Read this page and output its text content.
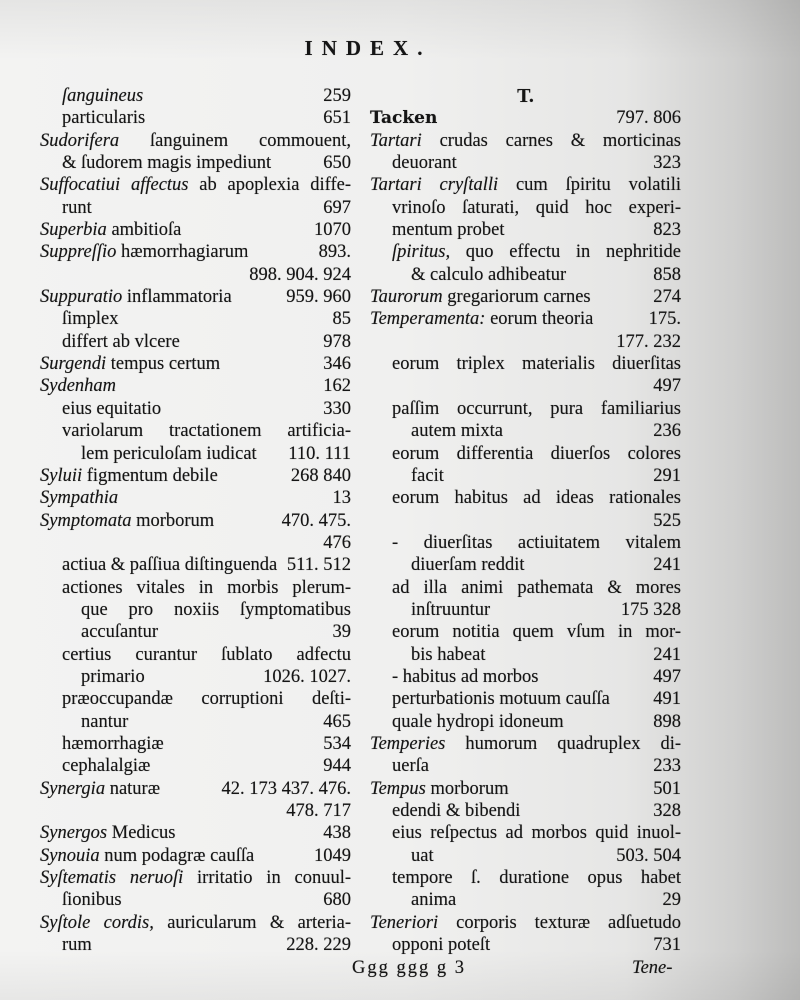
INDEX.
ſanguineus	259
particularis	651
Sudorifera ſanguinem commouent,
& ſudorem magis impediunt	650
Suffocatiui affectus ab apoplexia diffe-
runt	697
Superbia ambitioſa	1070
Suppreſſio hæmorrhagiarum	893.
898. 904. 924
Suppuratio inflammatoria	959. 960
ſimplex	85
differt ab vlcere	978
Surgendi tempus certum	346
Sydenham	162
eius equitatio	330
variolarum tractationem artificia-
lem periculoſam iudicat	110. 111
Syluii figmentum debile	268 840
Sympathia	13
Symptomata morborum	470. 475.
476
actiua & paſſiua diſtinguenda 511. 512
actiones vitales in morbis plerum-
que pro noxiis ſymptomatibus
accuſantur	39
certius curantur ſublato adfectu
primario	1026. 1027.
præoccupandæ corruptioni deſti-
nantur	465
hæmorrhagiæ	534
cephalalgiæ	944
Synergia naturæ	42. 173 437. 476.
478. 717
Synergos Medicus	438
Synouia num podagræ cauſſa	1049
Syſtematis neruoſi irritatio in conuul-
ſionibus	680
Syſtole cordis, auricularum & arteria-
rum	228. 229
T.
Tacken	797. 806
Tartari crudas carnes & morticinas
deuorant	323
Tartari cryſtalli cum ſpiritu volatili
vrinoſo ſaturati, quid hoc experi-
mentum probet	823
ſpiritus, quo effectu in nephritide
& calculo adhibeatur	858
Taurorum gregariorum carnes	274
Temperamenta: eorum theoria	175.
177. 232
eorum triplex materialis diuerſitas
497
paſſim occurrunt, pura familiarius
autem mixta	236
eorum differentia diuerſos colores
facit	291
eorum habitus ad ideas rationales
525
- diuerſitas actiuitatem vitalem
diuerſam reddit	241
ad illa animi pathemata & mores
inſtruuntur	175 328
eorum notitia quem vſum in mor-
bis habeat	241
- habitus ad morbos	497
perturbationis motuum cauſſa	491
quale hydropi idoneum	898
Temperies humorum quadruplex di-
uerſa	233
Tempus morborum	501
edendi & bibendi	328
eius reſpectus ad morbos quid inuol-
uat	503. 504
tempore ſ. duratione opus habet
anima	29
Teneriori corporis texturæ adſuetudo
opponi poteſt	731
Ggg ggg g 3	Tene-
